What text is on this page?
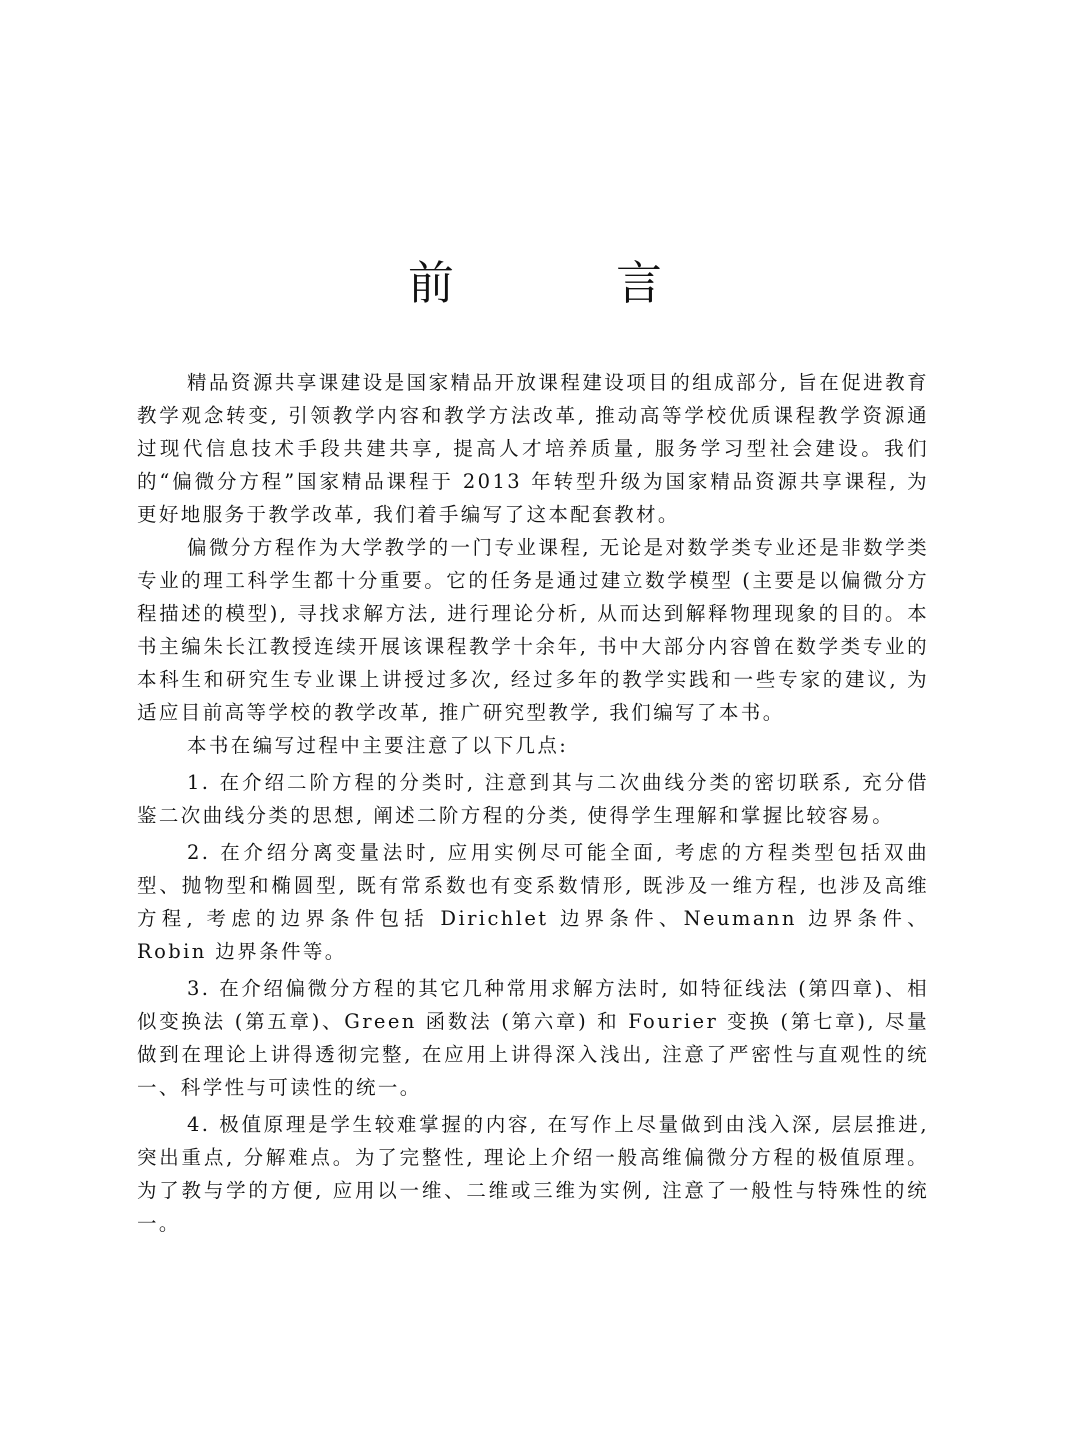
前　言

精品资源共享课建设是国家精品开放课程建设项目的组成部分, 旨在促进教育教学观念转变, 引领教学内容和教学方法改革, 推动高等学校优质课程教学资源通过现代信息技术手段共建共享, 提高人才培养质量, 服务学习型社会建设。我们的“偏微分方程”国家精品课程于 2013 年转型升级为国家精品资源共享课程, 为更好地服务于教学改革, 我们着手编写了这本配套教材。

偏微分方程作为大学教学的一门专业课程, 无论是对数学类专业还是非数学类专业的理工科学生都十分重要。它的任务是通过建立数学模型 (主要是以偏微分方程描述的模型), 寻找求解方法, 进行理论分析, 从而达到解释物理现象的目的。本书主编朱长江教授连续开展该课程教学十余年, 书中大部分内容曾在数学类专业的本科生和研究生专业课上讲授过多次, 经过多年的教学实践和一些专家的建议, 为适应目前高等学校的教学改革, 推广研究型教学, 我们编写了本书。

本书在编写过程中主要注意了以下几点:

1. 在介绍二阶方程的分类时, 注意到其与二次曲线分类的密切联系, 充分借鉴二次曲线分类的思想, 阐述二阶方程的分类, 使得学生理解和掌握比较容易。

2. 在介绍分离变量法时, 应用实例尽可能全面, 考虑的方程类型包括双曲型、抛物型和椭圆型, 既有常系数也有变系数情形, 既涉及一维方程, 也涉及高维方程, 考虑的边界条件包括 Dirichlet 边界条件、Neumann 边界条件、Robin 边界条件等。

3. 在介绍偏微分方程的其它几种常用求解方法时, 如特征线法 (第四章)、相似变换法 (第五章)、Green 函数法 (第六章) 和 Fourier 变换 (第七章), 尽量做到在理论上讲得透彻完整, 在应用上讲得深入浅出, 注意了严密性与直观性的统一、科学性与可读性的统一。

4. 极值原理是学生较难掌握的内容, 在写作上尽量做到由浅入深, 层层推进, 突出重点, 分解难点。为了完整性, 理论上介绍一般高维偏微分方程的极值原理。为了教与学的方便, 应用以一维、二维或三维为实例, 注意了一般性与特殊性的统一。
